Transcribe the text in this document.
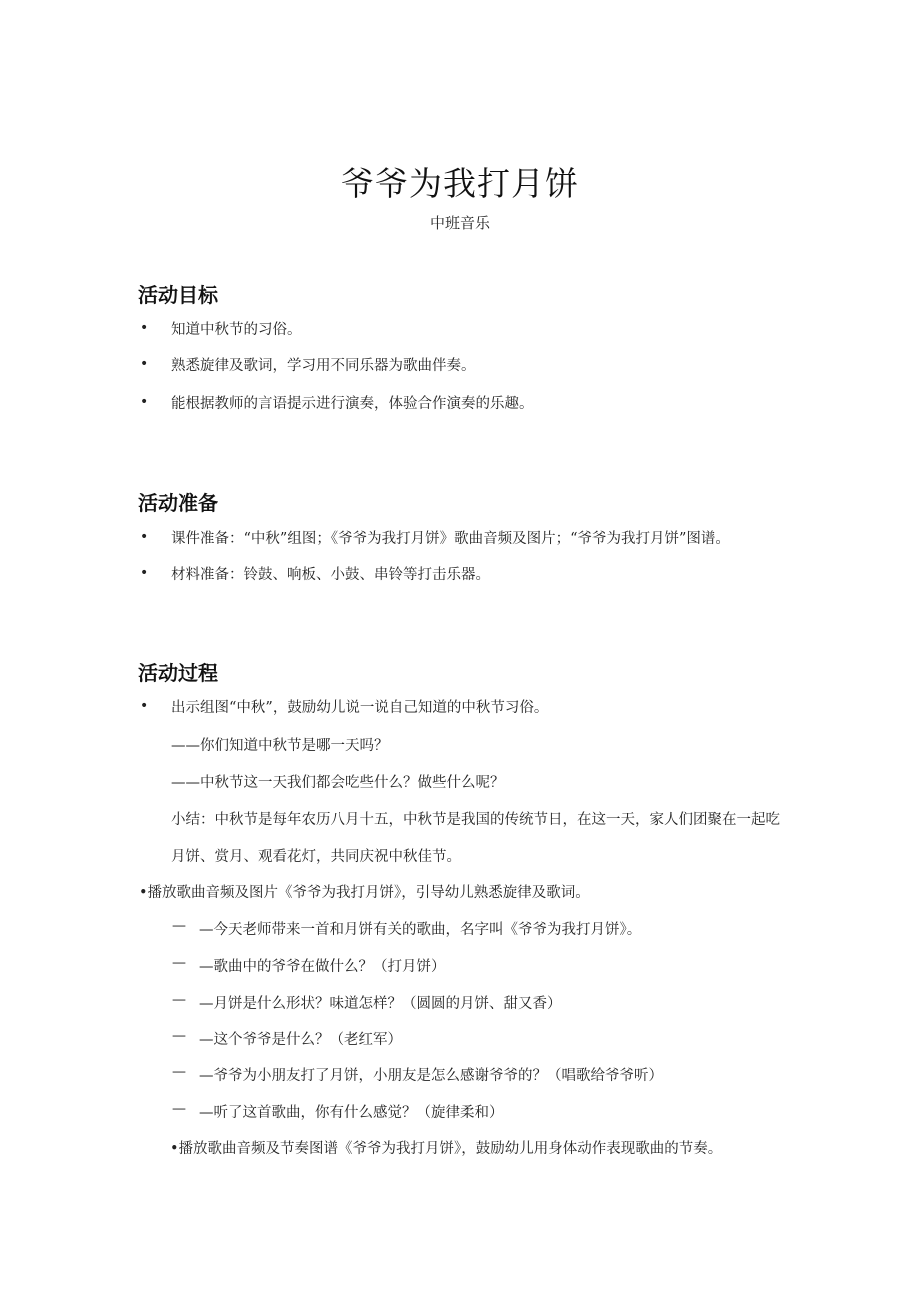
爷爷为我打月饼
中班音乐
活动目标
• 知道中秋节的习俗。
• 熟悉旋律及歌词，学习用不同乐器为歌曲伴奏。
• 能根据教师的言语提示进行演奏，体验合作演奏的乐趣。
活动准备
• 课件准备：“中秋”组图；《爷爷为我打月饼》歌曲音频及图片；“爷爷为我打月饼”图谱。
• 材料准备：铃鼓、响板、小鼓、串铃等打击乐器。
活动过程
• 出示组图“中秋”，鼓励幼儿说一说自己知道的中秋节习俗。
——你们知道中秋节是哪一天吗？
——中秋节这一天我们都会吃些什么？做些什么呢？
小结：中秋节是每年农历八月十五，中秋节是我国的传统节日，在这一天，家人们团聚在一起吃
月饼、赏月、观看花灯，共同庆祝中秋佳节。
•播放歌曲音频及图片《爷爷为我打月饼》，引导幼儿熟悉旋律及歌词。
— —今天老师带来一首和月饼有关的歌曲，名字叫《爷爷为我打月饼》。
— —歌曲中的爷爷在做什么？（打月饼）
— —月饼是什么形状？味道怎样？（圆圆的月饼、甜又香）
— —这个爷爷是什么？（老红军）
— —爷爷为小朋友打了月饼，小朋友是怎么感谢爷爷的？（唱歌给爷爷听）
— —听了这首歌曲，你有什么感觉？（旋律柔和）
•播放歌曲音频及节奏图谱《爷爷为我打月饼》，鼓励幼儿用身体动作表现歌曲的节奏。
